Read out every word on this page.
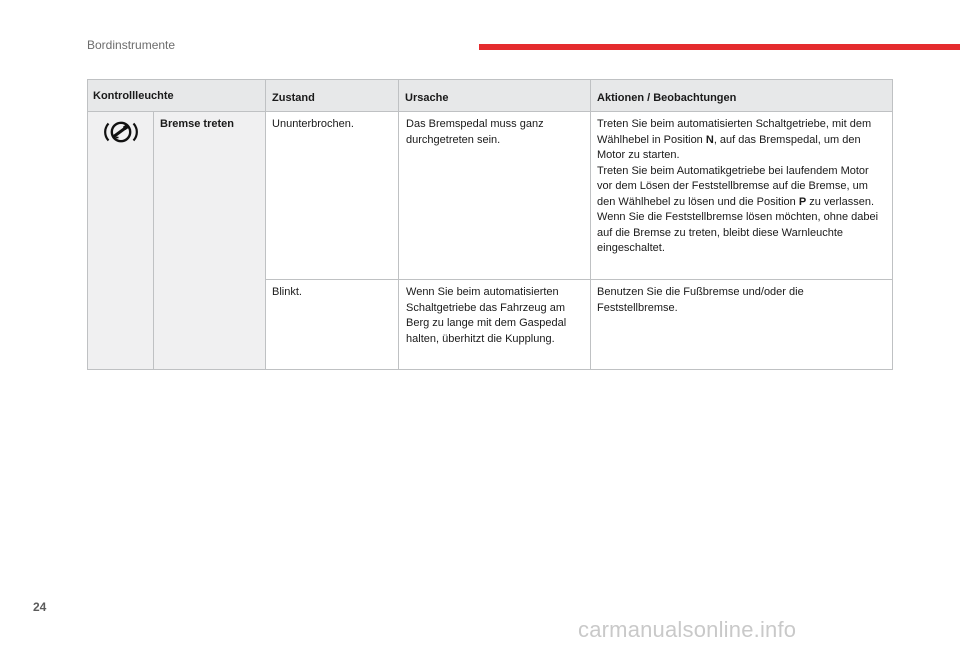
Bordinstrumente
Kontrollleuchte		Zustand	Ursache	Aktionen / Beobachtungen

	Bremse treten	Ununterbrochen.	Das Bremspedal muss ganz durchgetreten sein.	Treten Sie beim automatisierten Schaltgetriebe, mit dem Wählhebel in Position N, auf das Bremspedal, um den Motor zu starten.
Treten Sie beim Automatikgetriebe bei laufendem Motor vor dem Lösen der Feststellbremse auf die Bremse, um den Wählhebel zu lösen und die Position P zu verlassen.
Wenn Sie die Feststellbremse lösen möchten, ohne dabei auf die Bremse zu treten, bleibt diese Warnleuchte eingeschaltet.

		Blinkt.	Wenn Sie beim automatisierten Schaltgetriebe das Fahrzeug am Berg zu lange mit dem Gaspedal halten, überhitzt die Kupplung.	Benutzen Sie die Fußbremse und/oder die Feststellbremse.
24
carmanualsonline.info
